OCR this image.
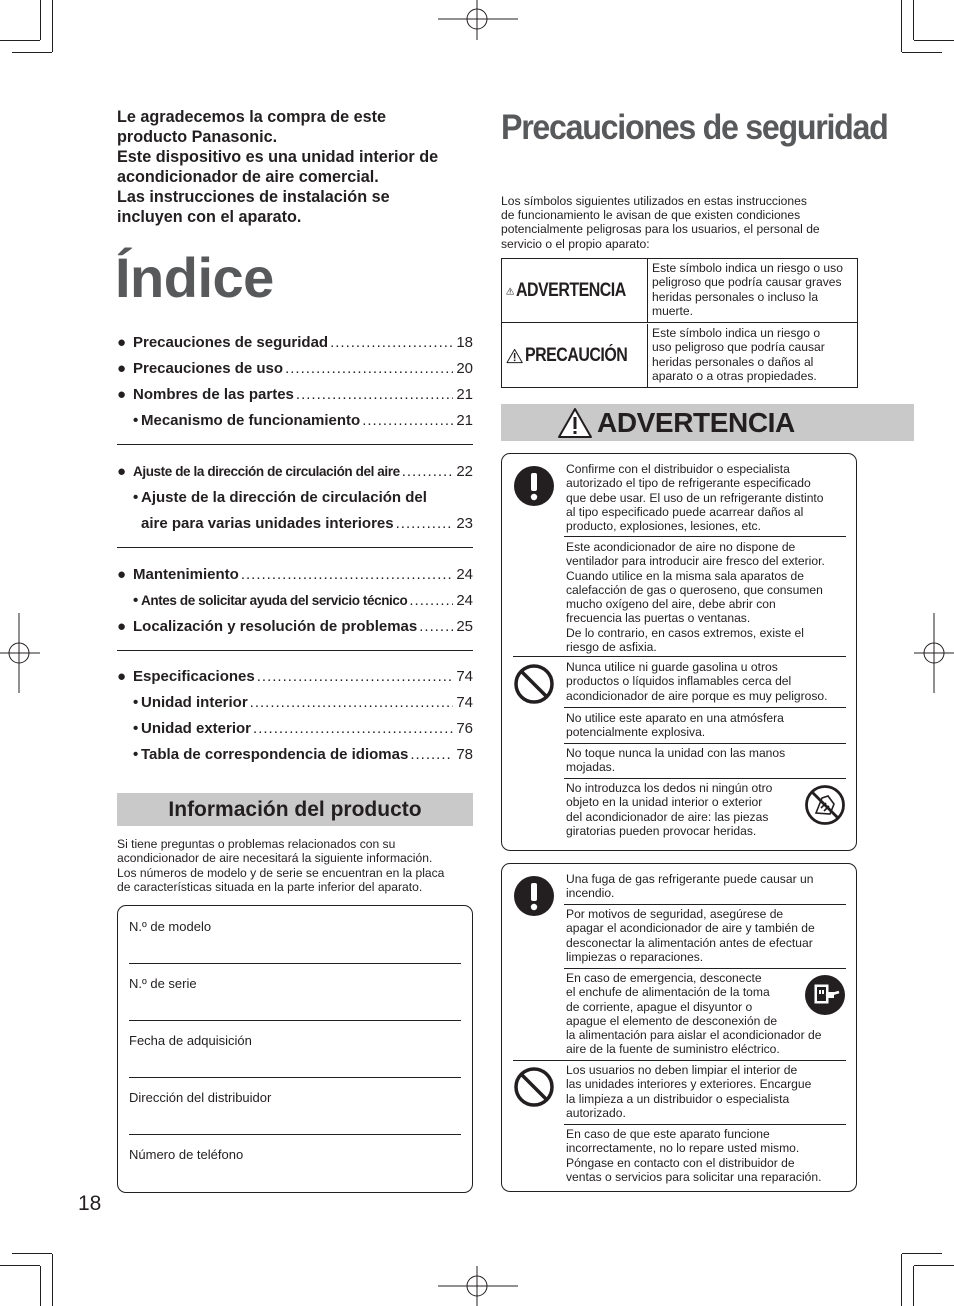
Le agradecemos la compra de este
producto Panasonic.
Este dispositivo es una unidad interior de
acondicionador de aire comercial.
Las instrucciones de instalación se
incluyen con el aparato.
Índice
● Precauciones de seguridad .....	18
● Precauciones de uso .....	20
● Nombres de las partes .....	21
• Mecanismo de funcionamiento .....	21
● Ajuste de la dirección de circulación del aire .....	22
• Ajuste de la dirección de circulación del
aire para varias unidades interiores .....	23
● Mantenimiento .....	24
• Antes de solicitar ayuda del servicio técnico .....	24
● Localización y resolución de problemas .....	25
● Especificaciones .....	74
• Unidad interior .....	74
• Unidad exterior .....	76
• Tabla de correspondencia de idiomas .....	78
Información del producto
Si tiene preguntas o problemas relacionados con su
acondicionador de aire necesitará la siguiente información.
Los números de modelo y de serie se encuentran en la placa
de características situada en la parte inferior del aparato.
N.º de modelo
N.º de serie
Fecha de adquisición
Dirección del distribuidor
Número de teléfono
18
Precauciones de seguridad
Los símbolos siguientes utilizados en estas instrucciones
de funcionamiento le avisan de que existen condiciones
potencialmente peligrosas para los usuarios, el personal de
servicio o el propio aparato:
ADVERTENCIA
Este símbolo indica un riesgo o uso
peligroso que podría causar graves
heridas personales o incluso la
muerte.
PRECAUCIÓN
Este símbolo indica un riesgo o
uso peligroso que podría causar
heridas personales o daños al
aparato o a otras propiedades.
ADVERTENCIA
Confirme con el distribuidor o especialista
autorizado el tipo de refrigerante especificado
que debe usar. El uso de un refrigerante distinto
al tipo especificado puede acarrear daños al
producto, explosiones, lesiones, etc.
Este acondicionador de aire no dispone de
ventilador para introducir aire fresco del exterior.
Cuando utilice en la misma sala aparatos de
calefacción de gas o queroseno, que consumen
mucho oxígeno del aire, debe abrir con
frecuencia las puertas o ventanas.
De lo contrario, en casos extremos, existe el
riesgo de asfixia.
Nunca utilice ni guarde gasolina u otros
productos o líquidos inflamables cerca del
acondicionador de aire porque es muy peligroso.
No utilice este aparato en una atmósfera
potencialmente explosiva.
No toque nunca la unidad con las manos
mojadas.
No introduzca los dedos ni ningún otro
objeto en la unidad interior o exterior
del acondicionador de aire: las piezas
giratorias pueden provocar heridas.
Una fuga de gas refrigerante puede causar un
incendio.
Por motivos de seguridad, asegúrese de
apagar el acondicionador de aire y también de
desconectar la alimentación antes de efectuar
limpiezas o reparaciones.
En caso de emergencia, desconecte
el enchufe de alimentación de la toma
de corriente, apague el disyuntor o
apague el elemento de desconexión de
la alimentación para aislar el acondicionador de
aire de la fuente de suministro eléctrico.
Los usuarios no deben limpiar el interior de
las unidades interiores y exteriores. Encargue
la limpieza a un distribuidor o especialista
autorizado.
En caso de que este aparato funcione
incorrectamente, no lo repare usted mismo.
Póngase en contacto con el distribuidor de
ventas o servicios para solicitar una reparación.
